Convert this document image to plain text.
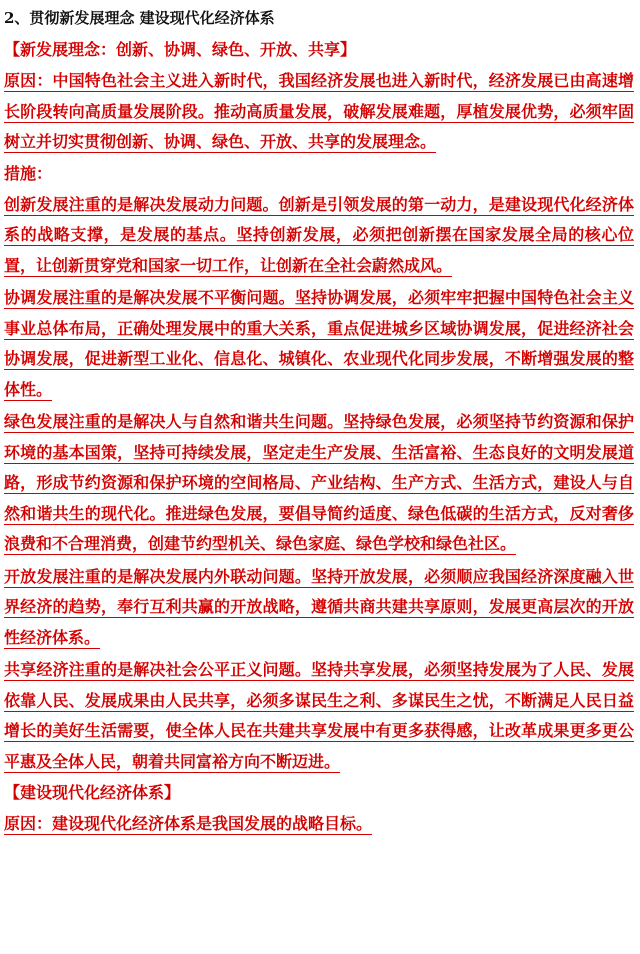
2、贯彻新发展理念 建设现代化经济体系
【新发展理念：创新、协调、绿色、开放、共享】

原因：中国特色社会主义进入新时代，我国经济发展也进入新时代，经济发展已由高速增长阶段转向高质量发展阶段。推动高质量发展，破解发展难题，厚植发展优势，必须牢固树立并切实贯彻创新、协调、绿色、开放、共享的发展理念。

措施：

创新发展注重的是解决发展动力问题。创新是引领发展的第一动力，是建设现代化经济体系的战略支撑，是发展的基点。坚持创新发展，必须把创新摆在国家发展全局的核心位置，让创新贯穿党和国家一切工作，让创新在全社会蔚然成风。

协调发展注重的是解决发展不平衡问题。坚持协调发展，必须牢牢把握中国特色社会主义事业总体布局，正确处理发展中的重大关系，重点促进城乡区域协调发展，促进经济社会协调发展，促进新型工业化、信息化、城镇化、农业现代化同步发展，不断增强发展的整体性。

绿色发展注重的是解决人与自然和谐共生问题。坚持绿色发展，必须坚持节约资源和保护环境的基本国策，坚持可持续发展，坚定走生产发展、生活富裕、生态良好的文明发展道路，形成节约资源和保护环境的空间格局、产业结构、生产方式、生活方式，建设人与自然和谐共生的现代化。推进绿色发展，要倡导简约适度、绿色低碳的生活方式，反对奢侈浪费和不合理消费，创建节约型机关、绿色家庭、绿色学校和绿色社区。

开放发展注重的是解决发展内外联动问题。坚持开放发展，必须顺应我国经济深度融入世界经济的趋势，奉行互利共赢的开放战略，遵循共商共建共享原则，发展更高层次的开放性经济体系。

共享经济注重的是解决社会公平正义问题。坚持共享发展，必须坚持发展为了人民、发展依靠人民、发展成果由人民共享，必须多谋民生之利、多谋民生之忧，不断满足人民日益增长的美好生活需要，使全体人民在共建共享发展中有更多获得感，让改革成果更多更公平惠及全体人民，朝着共同富裕方向不断迈进。

【建设现代化经济体系】

原因：建设现代化经济体系是我国发展的战略目标。
